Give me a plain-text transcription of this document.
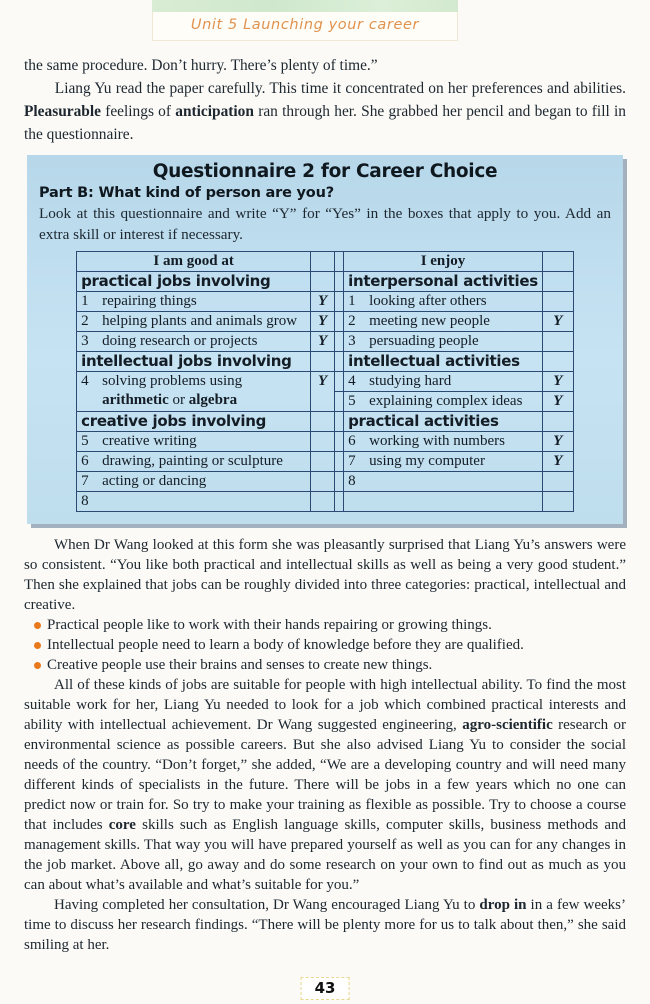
Unit 5 Launching your career

the same procedure. Don’t hurry. There’s plenty of time.”

Liang Yu read the paper carefully. This time it concentrated on her preferences and abilities. Pleasurable feelings of anticipation ran through her. She grabbed her pencil and began to fill in the questionnaire.

Questionnaire 2 for Career Choice
Part B: What kind of person are you?
Look at this questionnaire and write “Y” for “Yes” in the boxes that apply to you. Add an extra skill or interest if necessary.
I am good at			I enjoy	
practical jobs involving			interpersonal activities	
1 repairing things	Y		1 looking after others	
2 helping plants and animals grow	Y		2 meeting new people	Y
3 doing research or projects	Y		3 persuading people	
intellectual jobs involving			intellectual activities	

4 solving problems using
arithmetic or algebra	Y		4 studying hard	Y
			5 explaining complex ideas	Y
creative jobs involving			practical activities	
5 creative writing			6 working with numbers	Y
6 drawing, painting or sculpture			7 using my computer	Y
7 acting or dancing			8	
8				

When Dr Wang looked at this form she was pleasantly surprised that Liang Yu’s answers were so consistent. “You like both practical and intellectual skills as well as being a very good student.” Then she explained that jobs can be roughly divided into three categories: practical, intellectual and creative.

Practical people like to work with their hands repairing or growing things.
Intellectual people need to learn a body of knowledge before they are qualified.
Creative people use their brains and senses to create new things.

All of these kinds of jobs are suitable for people with high intellectual ability. To find the most suitable work for her, Liang Yu needed to look for a job which combined practical interests and ability with intellectual achievement. Dr Wang suggested engineering, agro-scientific research or environmental science as possible careers. But she also advised Liang Yu to consider the social needs of the country. “Don’t forget,” she added, “We are a developing country and will need many different kinds of specialists in the future. There will be jobs in a few years which no one can predict now or train for. So try to make your training as flexible as possible. Try to choose a course that includes core skills such as English language skills, computer skills, business methods and management skills. That way you will have prepared yourself as well as you can for any changes in the job market. Above all, go away and do some research on your own to find out as much as you can about what’s available and what’s suitable for you.”

Having completed her consultation, Dr Wang encouraged Liang Yu to drop in in a few weeks’ time to discuss her research findings. “There will be plenty more for us to talk about then,” she said smiling at her.

43
